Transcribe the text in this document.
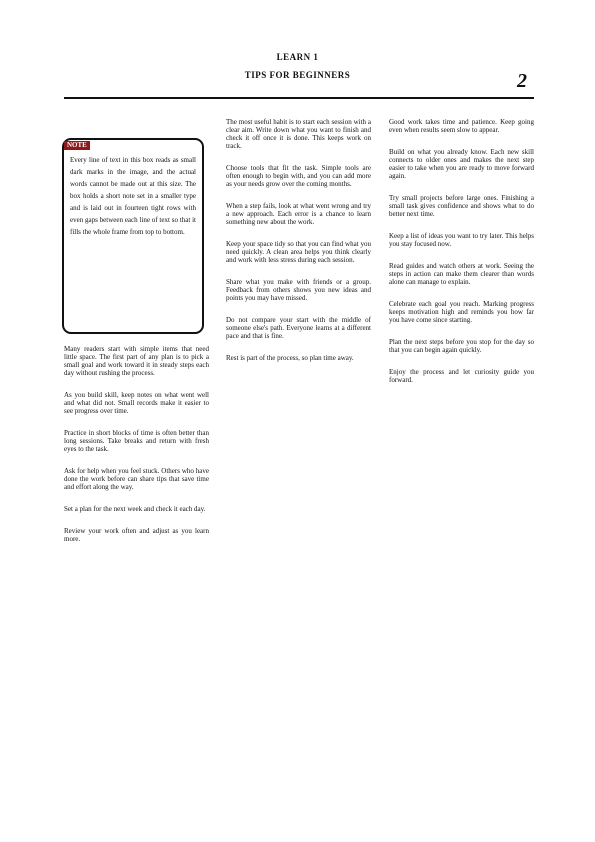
LEARN 1
TIPS FOR BEGINNERS	2
NOTE
Every line of text in this box reads as small dark marks in the image, and the actual words cannot be made out at this size. The box holds a short note set in a smaller type and is laid out in fourteen tight rows with even gaps between each line of text so that it fills the whole frame from top to bottom.

Many readers start with simple items that need little space. The first part of any plan is to pick a small goal and work toward it in steady steps each day without rushing the process.

As you build skill, keep notes on what went well and what did not. Small records make it easier to see progress over time.

Practice in short blocks of time is often better than long sessions. Take breaks and return with fresh eyes to the task.

Ask for help when you feel stuck. Others who have done the work before can share tips that save time and effort along the way.

Set a plan for the next week and check it each day.

Review your work often and adjust as you learn more.

The most useful habit is to start each session with a clear aim. Write down what you want to finish and check it off once it is done. This keeps work on track.

Choose tools that fit the task. Simple tools are often enough to begin with, and you can add more as your needs grow over the coming months.

When a step fails, look at what went wrong and try a new approach. Each error is a chance to learn something new about the work.

Keep your space tidy so that you can find what you need quickly. A clean area helps you think clearly and work with less stress during each session.

Share what you make with friends or a group. Feedback from others shows you new ideas and points you may have missed.

Do not compare your start with the middle of someone else's path. Everyone learns at a different pace and that is fine.

Rest is part of the process, so plan time away.

Good work takes time and patience. Keep going even when results seem slow to appear.

Build on what you already know. Each new skill connects to older ones and makes the next step easier to take when you are ready to move forward again.

Try small projects before large ones. Finishing a small task gives confidence and shows what to do better next time.

Keep a list of ideas you want to try later. This helps you stay focused now.

Read guides and watch others at work. Seeing the steps in action can make them clearer than words alone can manage to explain.

Celebrate each goal you reach. Marking progress keeps motivation high and reminds you how far you have come since starting.

Plan the next steps before you stop for the day so that you can begin again quickly.

Enjoy the process and let curiosity guide you forward.
